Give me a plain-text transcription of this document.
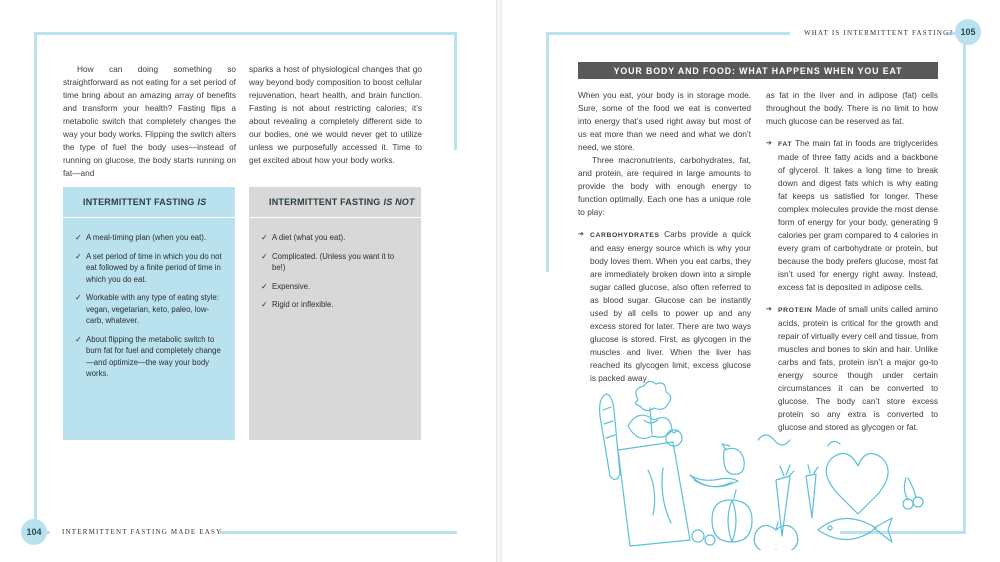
How can doing something so straightforward as not eating for a set period of time bring about an amazing array of benefits and transform your health? Fasting flips a metabolic switch that completely changes the way your body works. Flipping the switch alters the type of fuel the body uses—instead of running on glucose, the body starts running on fat—and

sparks a host of physiological changes that go way beyond body composition to boost cellular rejuvenation, heart health, and brain function. Fasting is not about restricting calories; it’s about revealing a completely different side to our bodies, one we would never get to utilize unless we purposefully accessed it. Time to get excited about how your body works.

INTERMITTENT FASTING IS
✓ A meal-timing plan (when you eat).
✓ A set period of time in which you do not eat followed by a finite period of time in which you do eat.
✓ Workable with any type of eating style: vegan, vegetarian, keto, paleo, low-carb, whatever.
✓ About flipping the metabolic switch to burn fat for fuel and completely change—and optimize—the way your body works.
INTERMITTENT FASTING IS NOT
✓ A diet (what you eat).
✓ Complicated. (Unless you want it to be!)
✓ Expensive.
✓ Rigid or inflexible.
104	INTERMITTENT FASTING MADE EASY
WHAT IS INTERMITTENT FASTING? 105
YOUR BODY AND FOOD: WHAT HAPPENS WHEN YOU EAT

When you eat, your body is in storage mode. Sure, some of the food we eat is converted into energy that’s used right away but most of us eat more than we need and what we don’t need, we store.

Three macronutrients, carbohydrates, fat, and protein, are required in large amounts to provide the body with enough energy to function optimally. Each one has a unique role to play:

➔ CARBOHYDRATES Carbs provide a quick and easy energy source which is why your body loves them. When you eat carbs, they are immediately broken down into a simple sugar called glucose, also often referred to as blood sugar. Glucose can be instantly used by all cells to power up and any excess stored for later. There are two ways glucose is stored. First, as glycogen in the muscles and liver. When the liver has reached its glycogen limit, excess glucose is packed away

as fat in the liver and in adipose (fat) cells throughout the body. There is no limit to how much glucose can be reserved as fat.

➔ FAT The main fat in foods are triglycerides made of three fatty acids and a backbone of glycerol. It takes a long time to break down and digest fats which is why eating fat keeps us satisfied for longer. These complex molecules provide the most dense form of energy for your body, generating 9 calories per gram compared to 4 calories in every gram of carbohydrate or protein, but because the body prefers glucose, most fat isn’t used for energy right away. Instead, excess fat is deposited in adipose cells.

➔ PROTEIN Made of small units called amino acids, protein is critical for the growth and repair of virtually every cell and tissue, from muscles and bones to skin and hair. Unlike carbs and fats, protein isn’t a major go-to energy source though under certain circumstances it can be converted to glucose. The body can’t store excess protein so any extra is converted to glucose and stored as glycogen or fat.
